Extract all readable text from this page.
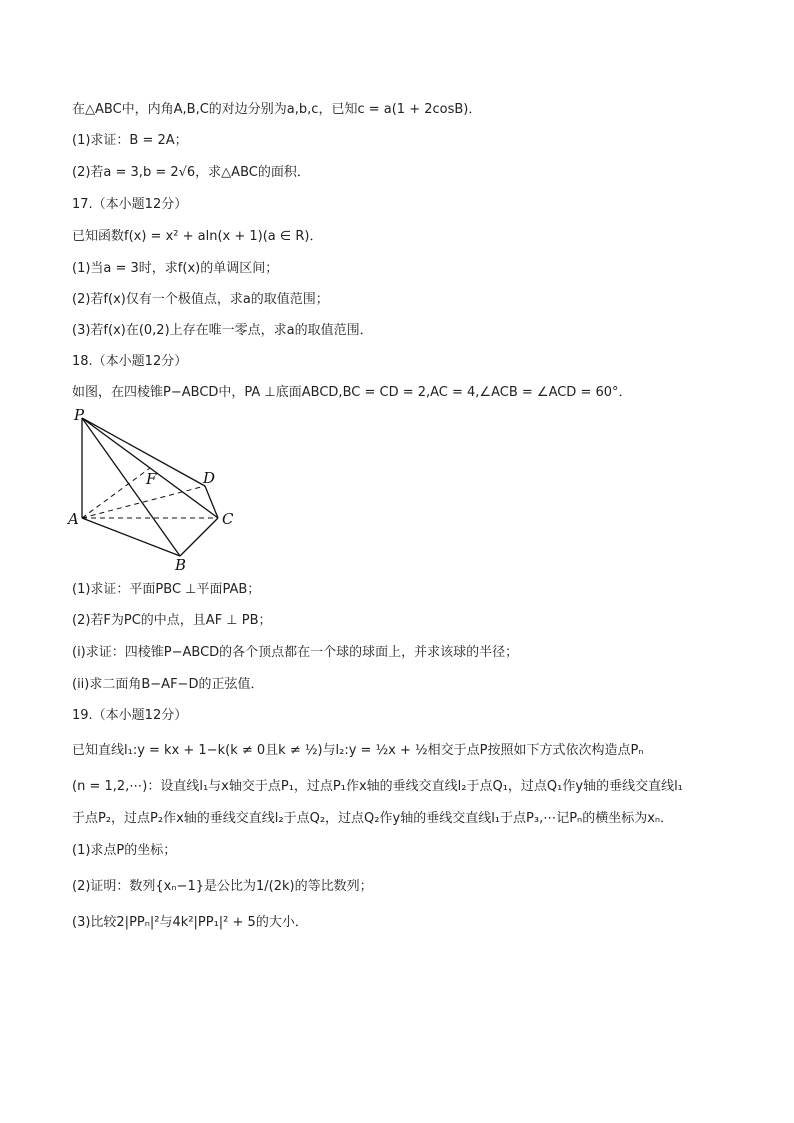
在△ABC中，内角A,B,C的对边分别为a,b,c，已知c = a(1 + 2cosB)．
(1)求证：B = 2A；
(2)若a = 3,b = 2√6，求△ABC的面积．
17.（本小题12分）
已知函数f(x) = x² + aln(x + 1)(a ∈ R)．
(1)当a = 3时，求f(x)的单调区间；
(2)若f(x)仅有一个极值点，求a的取值范围；
(3)若f(x)在(0,2)上存在唯一零点，求a的取值范围．
18.（本小题12分）
如图，在四棱锥P−ABCD中，PA ⊥底面ABCD,BC = CD = 2,AC = 4,∠ACB = ∠ACD = 60°．
P
A
B
C
D
F
(1)求证：平面PBC ⊥平面PAB；
(2)若F为PC的中点，且AF ⊥ PB；
(i)求证：四棱锥P−ABCD的各个顶点都在一个球的球面上，并求该球的半径；
(ii)求二面角B−AF−D的正弦值．
19.（本小题12分）
已知直线l₁:y = kx + 1−k(k ≠ 0且k ≠ ½)与l₂:y = ½x + ½相交于点P按照如下方式依次构造点Pₙ
(n = 1,2,⋯)：设直线l₁与x轴交于点P₁，过点P₁作x轴的垂线交直线l₂于点Q₁，过点Q₁作y轴的垂线交直线l₁
于点P₂，过点P₂作x轴的垂线交直线l₂于点Q₂，过点Q₂作y轴的垂线交直线l₁于点P₃,⋯记Pₙ的横坐标为xₙ．
(1)求点P的坐标；
(2)证明：数列{xₙ−1}是公比为1/(2k)的等比数列；
(3)比较2|PPₙ|²与4k²|PP₁|² + 5的大小．
